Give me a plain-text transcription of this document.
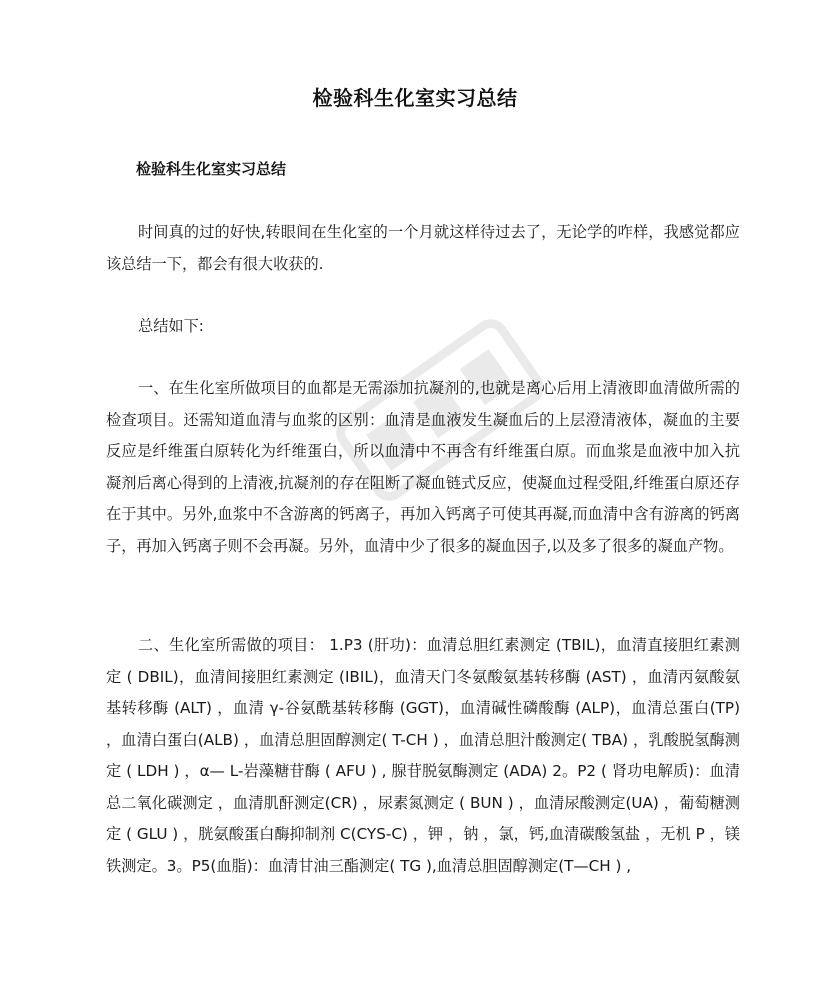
检验科生化室实习总结
检验科生化室实习总结

时间真的过的好快,转眼间在生化室的一个月就这样待过去了，无论学的咋样，我感觉都应该总结一下，都会有很大收获的.

总结如下:

一、在生化室所做项目的血都是无需添加抗凝剂的,也就是离心后用上清液即血清做所需的检查项目。还需知道血清与血浆的区别：血清是血液发生凝血后的上层澄清液体，凝血的主要反应是纤维蛋白原转化为纤维蛋白，所以血清中不再含有纤维蛋白原。而血浆是血液中加入抗凝剂后离心得到的上清液,抗凝剂的存在阻断了凝血链式反应，使凝血过程受阻,纤维蛋白原还存在于其中。另外,血浆中不含游离的钙离子，再加入钙离子可使其再凝,而血清中含有游离的钙离子，再加入钙离子则不会再凝。另外，血清中少了很多的凝血因子,以及多了很多的凝血产物。

二、生化室所需做的项目： 1.P3 (肝功)：血清总胆红素测定 (TBIL)，血清直接胆红素测定 ( DBIL)，血清间接胆红素测定 (IBIL)，血清天门冬氨酸氨基转移酶 (AST) ，血清丙氨酸氨基转移酶 (ALT) ，血清 γ-谷氨酰基转移酶 (GGT)，血清碱性磷酸酶 (ALP)，血清总蛋白(TP) ，血清白蛋白(ALB) ，血清总胆固醇测定( T-CH ) ，血清总胆汁酸测定( TBA) ，乳酸脱氢酶测定 ( LDH ) ，α— L-岩藻糖苷酶 ( AFU ) , 腺苷脱氨酶测定 (ADA) 2。P2 ( 肾功电解质)：血清总二氧化碳测定 ，血清肌酐测定(CR) ，尿素氮测定 ( BUN ) ，血清尿酸测定(UA) ，葡萄糖测定 ( GLU ) ，胱氨酸蛋白酶抑制剂 C(CYS-C) ，钾 ，钠 ，氯，钙,血清碳酸氢盐 ，无机 P ，镁铁测定。3。P5(血脂)：血清甘油三酯测定( TG ),血清总胆固醇测定(T—CH ) ,
